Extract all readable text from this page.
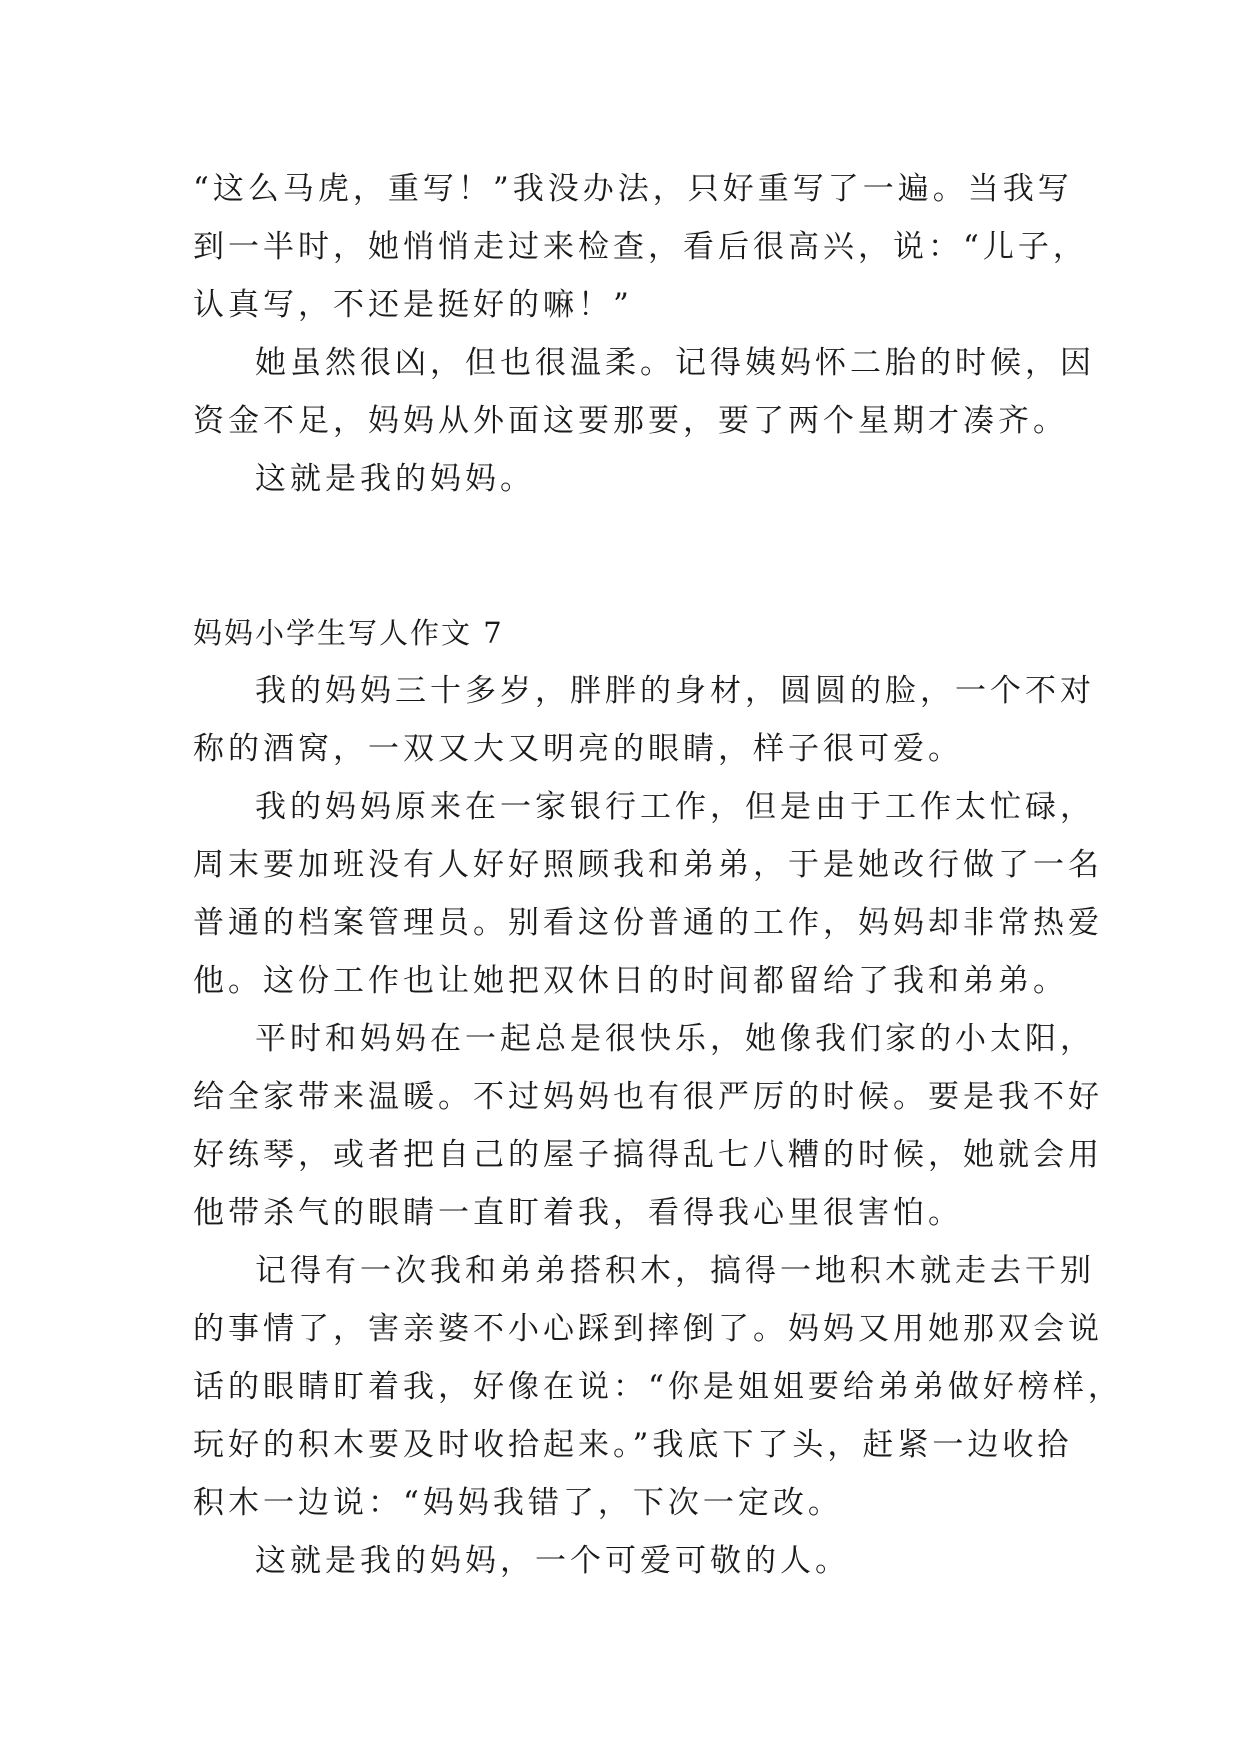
“这么马虎，重写！”我没办法，只好重写了一遍。当我写
到一半时，她悄悄走过来检查，看后很高兴，说：“儿子，
认真写，不还是挺好的嘛！”
她虽然很凶，但也很温柔。记得姨妈怀二胎的时候，因
资金不足，妈妈从外面这要那要，要了两个星期才凑齐。
这就是我的妈妈。
妈妈小学生写人作文 7
我的妈妈三十多岁，胖胖的身材，圆圆的脸，一个不对
称的酒窝，一双又大又明亮的眼睛，样子很可爱。
我的妈妈原来在一家银行工作，但是由于工作太忙碌，
周末要加班没有人好好照顾我和弟弟，于是她改行做了一名
普通的档案管理员。别看这份普通的工作，妈妈却非常热爱
他。这份工作也让她把双休日的时间都留给了我和弟弟。
平时和妈妈在一起总是很快乐，她像我们家的小太阳，
给全家带来温暖。不过妈妈也有很严厉的时候。要是我不好
好练琴，或者把自己的屋子搞得乱七八糟的时候，她就会用
他带杀气的眼睛一直盯着我，看得我心里很害怕。
记得有一次我和弟弟搭积木，搞得一地积木就走去干别
的事情了，害亲婆不小心踩到摔倒了。妈妈又用她那双会说
话的眼睛盯着我，好像在说：“你是姐姐要给弟弟做好榜样，
玩好的积木要及时收拾起来。”我底下了头，赶紧一边收拾
积木一边说：“妈妈我错了，下次一定改。
这就是我的妈妈，一个可爱可敬的人。
